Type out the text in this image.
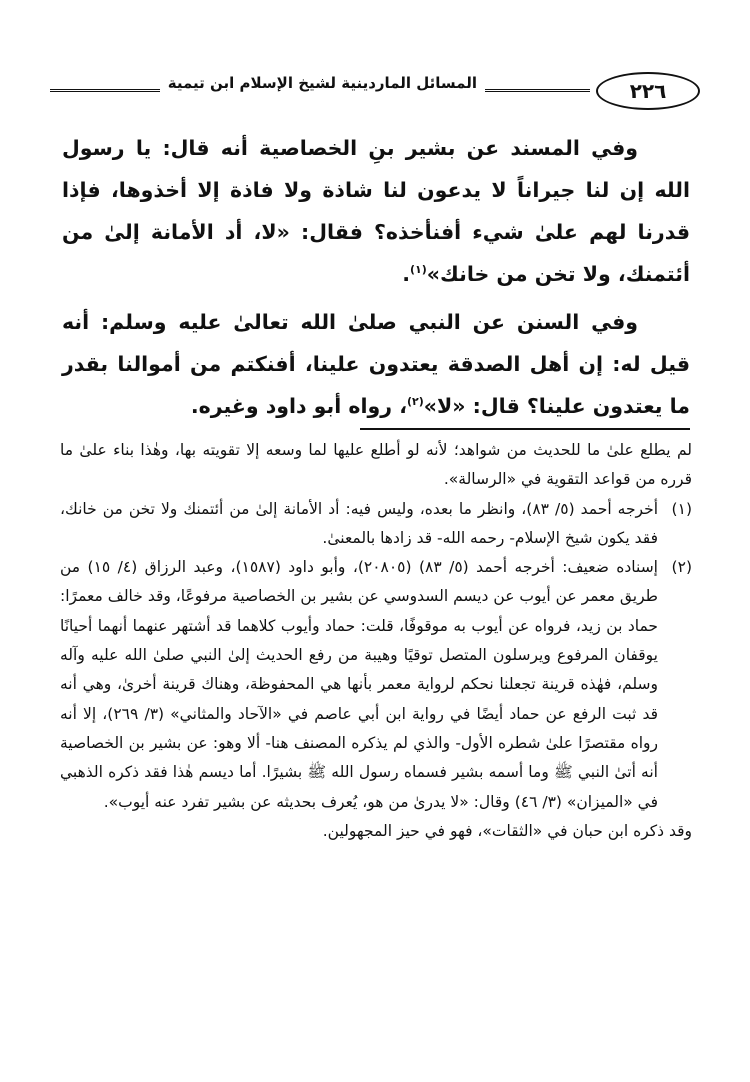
المسائل الماردينية لشيخ الإسلام ابن تيمية	٢٢٦

وفي المسند عن بشير بنِ الخصاصية أنه قال: يا رسول الله إن لنا جيراناً لا يدعون لنا شاذة ولا فاذة إلا أخذوها، فإذا قدرنا لهم علىٰ شيء أفنأخذه؟ فقال: «لا، أد الأمانة إلىٰ من أئتمنك، ولا تخن من خانك»$^{(١)}$.

وفي السنن عن النبي صلىٰ الله تعالىٰ عليه وسلم: أنه قيل له: إن أهل الصدقة يعتدون علينا، أفنكتم من أموالنا بقدر ما يعتدون علينا؟ قال: «لا»$^{(٢)}$، رواه أبو داود وغيره.

لم يطلع علىٰ ما للحديث من شواهد؛ لأنه لو أطلع عليها لما وسعه إلا تقويته بها، وهٰذا بناء علىٰ ما قرره من قواعد التقوية في «الرسالة».

(١)
أخرجه أحمد (٥/ ٨٣)، وانظر ما بعده، وليس فيه: أد الأمانة إلىٰ من أئتمنك ولا تخن من خانك، فقد يكون شيخ الإسلام- رحمه الله- قد زادها بالمعنىٰ.

(٢)
إسناده ضعيف: أخرجه أحمد (٥/ ٨٣) (٢٠٨٠٥)، وأبو داود (١٥٨٧)، وعبد الرزاق (٤/ ١٥) من طريق معمر عن أيوب عن ديسم السدوسي عن بشير بن الخصاصية مرفوعًا، وقد خالف معمرًا: حماد بن زيد، فرواه عن أيوب به موقوفًا، قلت: حماد وأيوب كلاهما قد أشتهر عنهما أنهما أحيانًا يوقفان المرفوع ويرسلون المتصل توقيًا وهيبة من رفع الحديث إلىٰ النبي صلىٰ الله عليه وآله وسلم، فهٰذه قرينة تجعلنا نحكم لرواية معمر بأنها هي المحفوظة، وهناك قرينة أخرىٰ، وهي أنه قد ثبت الرفع عن حماد أيضًا في رواية ابن أبي عاصم في «الآحاد والمثاني» (٣/ ٢٦٩)، إلا أنه رواه مقتصرًا علىٰ شطره الأول- والذي لم يذكره المصنف هنا- ألا وهو: عن بشير بن الخصاصية أنه أتىٰ النبي ﷺ وما أسمه بشير فسماه رسول الله ﷺ بشيرًا. أما ديسم هٰذا فقد ذكره الذهبي في «الميزان» (٣/ ٤٦) وقال: «لا يدرىٰ من هو، يُعرف بحديثه عن بشير تفرد عنه أيوب».

وقد ذكره ابن حبان في «الثقات»، فهو في حيز المجهولين.
